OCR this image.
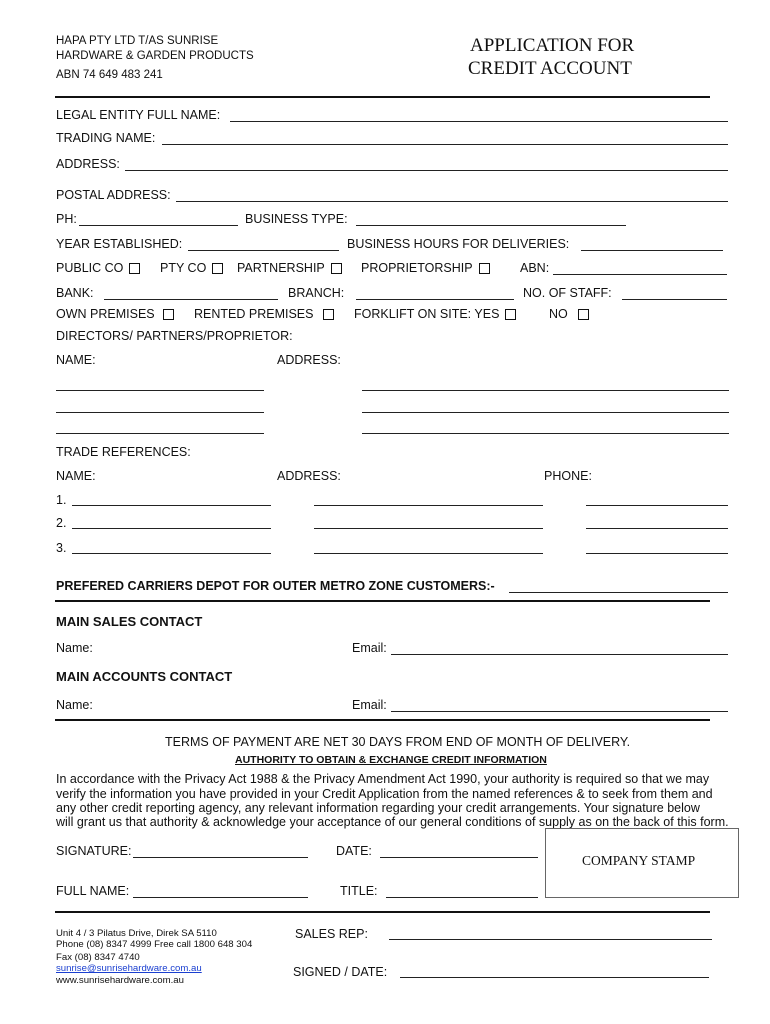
HAPA PTY LTD T/AS SUNRISE
HARDWARE & GARDEN PRODUCTS
ABN 74 649 483 241
APPLICATION FOR
CREDIT ACCOUNT
LEGAL ENTITY FULL NAME:
TRADING NAME:
ADDRESS:
POSTAL ADDRESS:
PH:	BUSINESS TYPE:
YEAR ESTABLISHED:	BUSINESS HOURS FOR DELIVERIES:
PUBLIC CO	PTY CO	PARTNERSHIP	PROPRIETORSHIP	ABN:
BANK:	BRANCH:	NO. OF STAFF:
OWN PREMISES	RENTED PREMISES	FORKLIFT ON SITE: YES	NO
DIRECTORS/ PARTNERS/PROPRIETOR:
NAME:	ADDRESS:
TRADE REFERENCES:
NAME:	ADDRESS:	PHONE:
1.
2.
3.
PREFERED CARRIERS DEPOT FOR OUTER METRO ZONE CUSTOMERS:-
MAIN SALES CONTACT
Name:	Email:
MAIN ACCOUNTS CONTACT
Name:	Email:
TERMS OF PAYMENT ARE NET 30 DAYS FROM END OF MONTH OF DELIVERY.
AUTHORITY TO OBTAIN & EXCHANGE CREDIT INFORMATION
In accordance with the Privacy Act 1988 & the Privacy Amendment Act 1990, your authority is required so that we may
verify the information you have provided in your Credit Application from the named references & to seek from them and
any other credit reporting agency, any relevant information regarding your credit arrangements. Your signature below
will grant us that authority & acknowledge your acceptance of our general conditions of supply as on the back of this form.
SIGNATURE:	DATE:
FULL NAME:	TITLE:
COMPANY STAMP
Unit 4 / 3 Pilatus Drive, Direk SA 5110
Phone (08) 8347 4999 Free call 1800 648 304
Fax (08) 8347 4740
sunrise@sunrisehardware.com.au
www.sunrisehardware.com.au
SALES REP:
SIGNED / DATE:
